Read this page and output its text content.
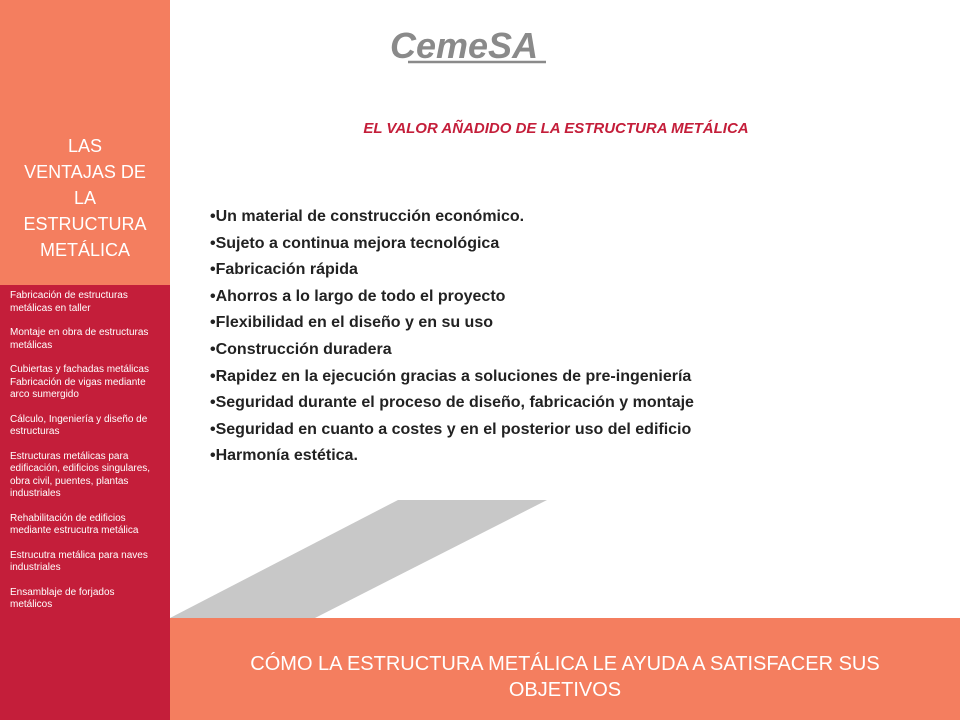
LAS
VENTAJAS DE
LA
ESTRUCTURA
METÁLICA
Fabricación de estructuras
metálicas en taller
Montaje en obra de estructuras
metálicas
Cubiertas y fachadas metálicas
Fabricación de vigas mediante
arco sumergido
Cálculo, Ingeniería y diseño de
estructuras
Estructuras metálicas para
edificación, edificios singulares,
obra civil, puentes, plantas
industriales
Rehabilitación de edificios
mediante estrucutra metálica
Estrucutra metálica para naves
industriales
Ensamblaje de forjados
metálicos
CemeSA
EL VALOR AÑADIDO DE LA ESTRUCTURA METÁLICA
•Un material de construcción económico.
•Sujeto a continua mejora tecnológica
•Fabricación rápida
•Ahorros a lo largo de todo el proyecto
•Flexibilidad en el diseño y en su uso
•Construcción duradera
•Rapidez en la ejecución gracias a soluciones de pre-ingeniería
•Seguridad durante el proceso de diseño, fabricación y montaje
•Seguridad en cuanto a costes y en el posterior uso del edificio
•Harmonía estética.
CÓMO LA ESTRUCTURA METÁLICA LE AYUDA A SATISFACER SUS
OBJETIVOS
